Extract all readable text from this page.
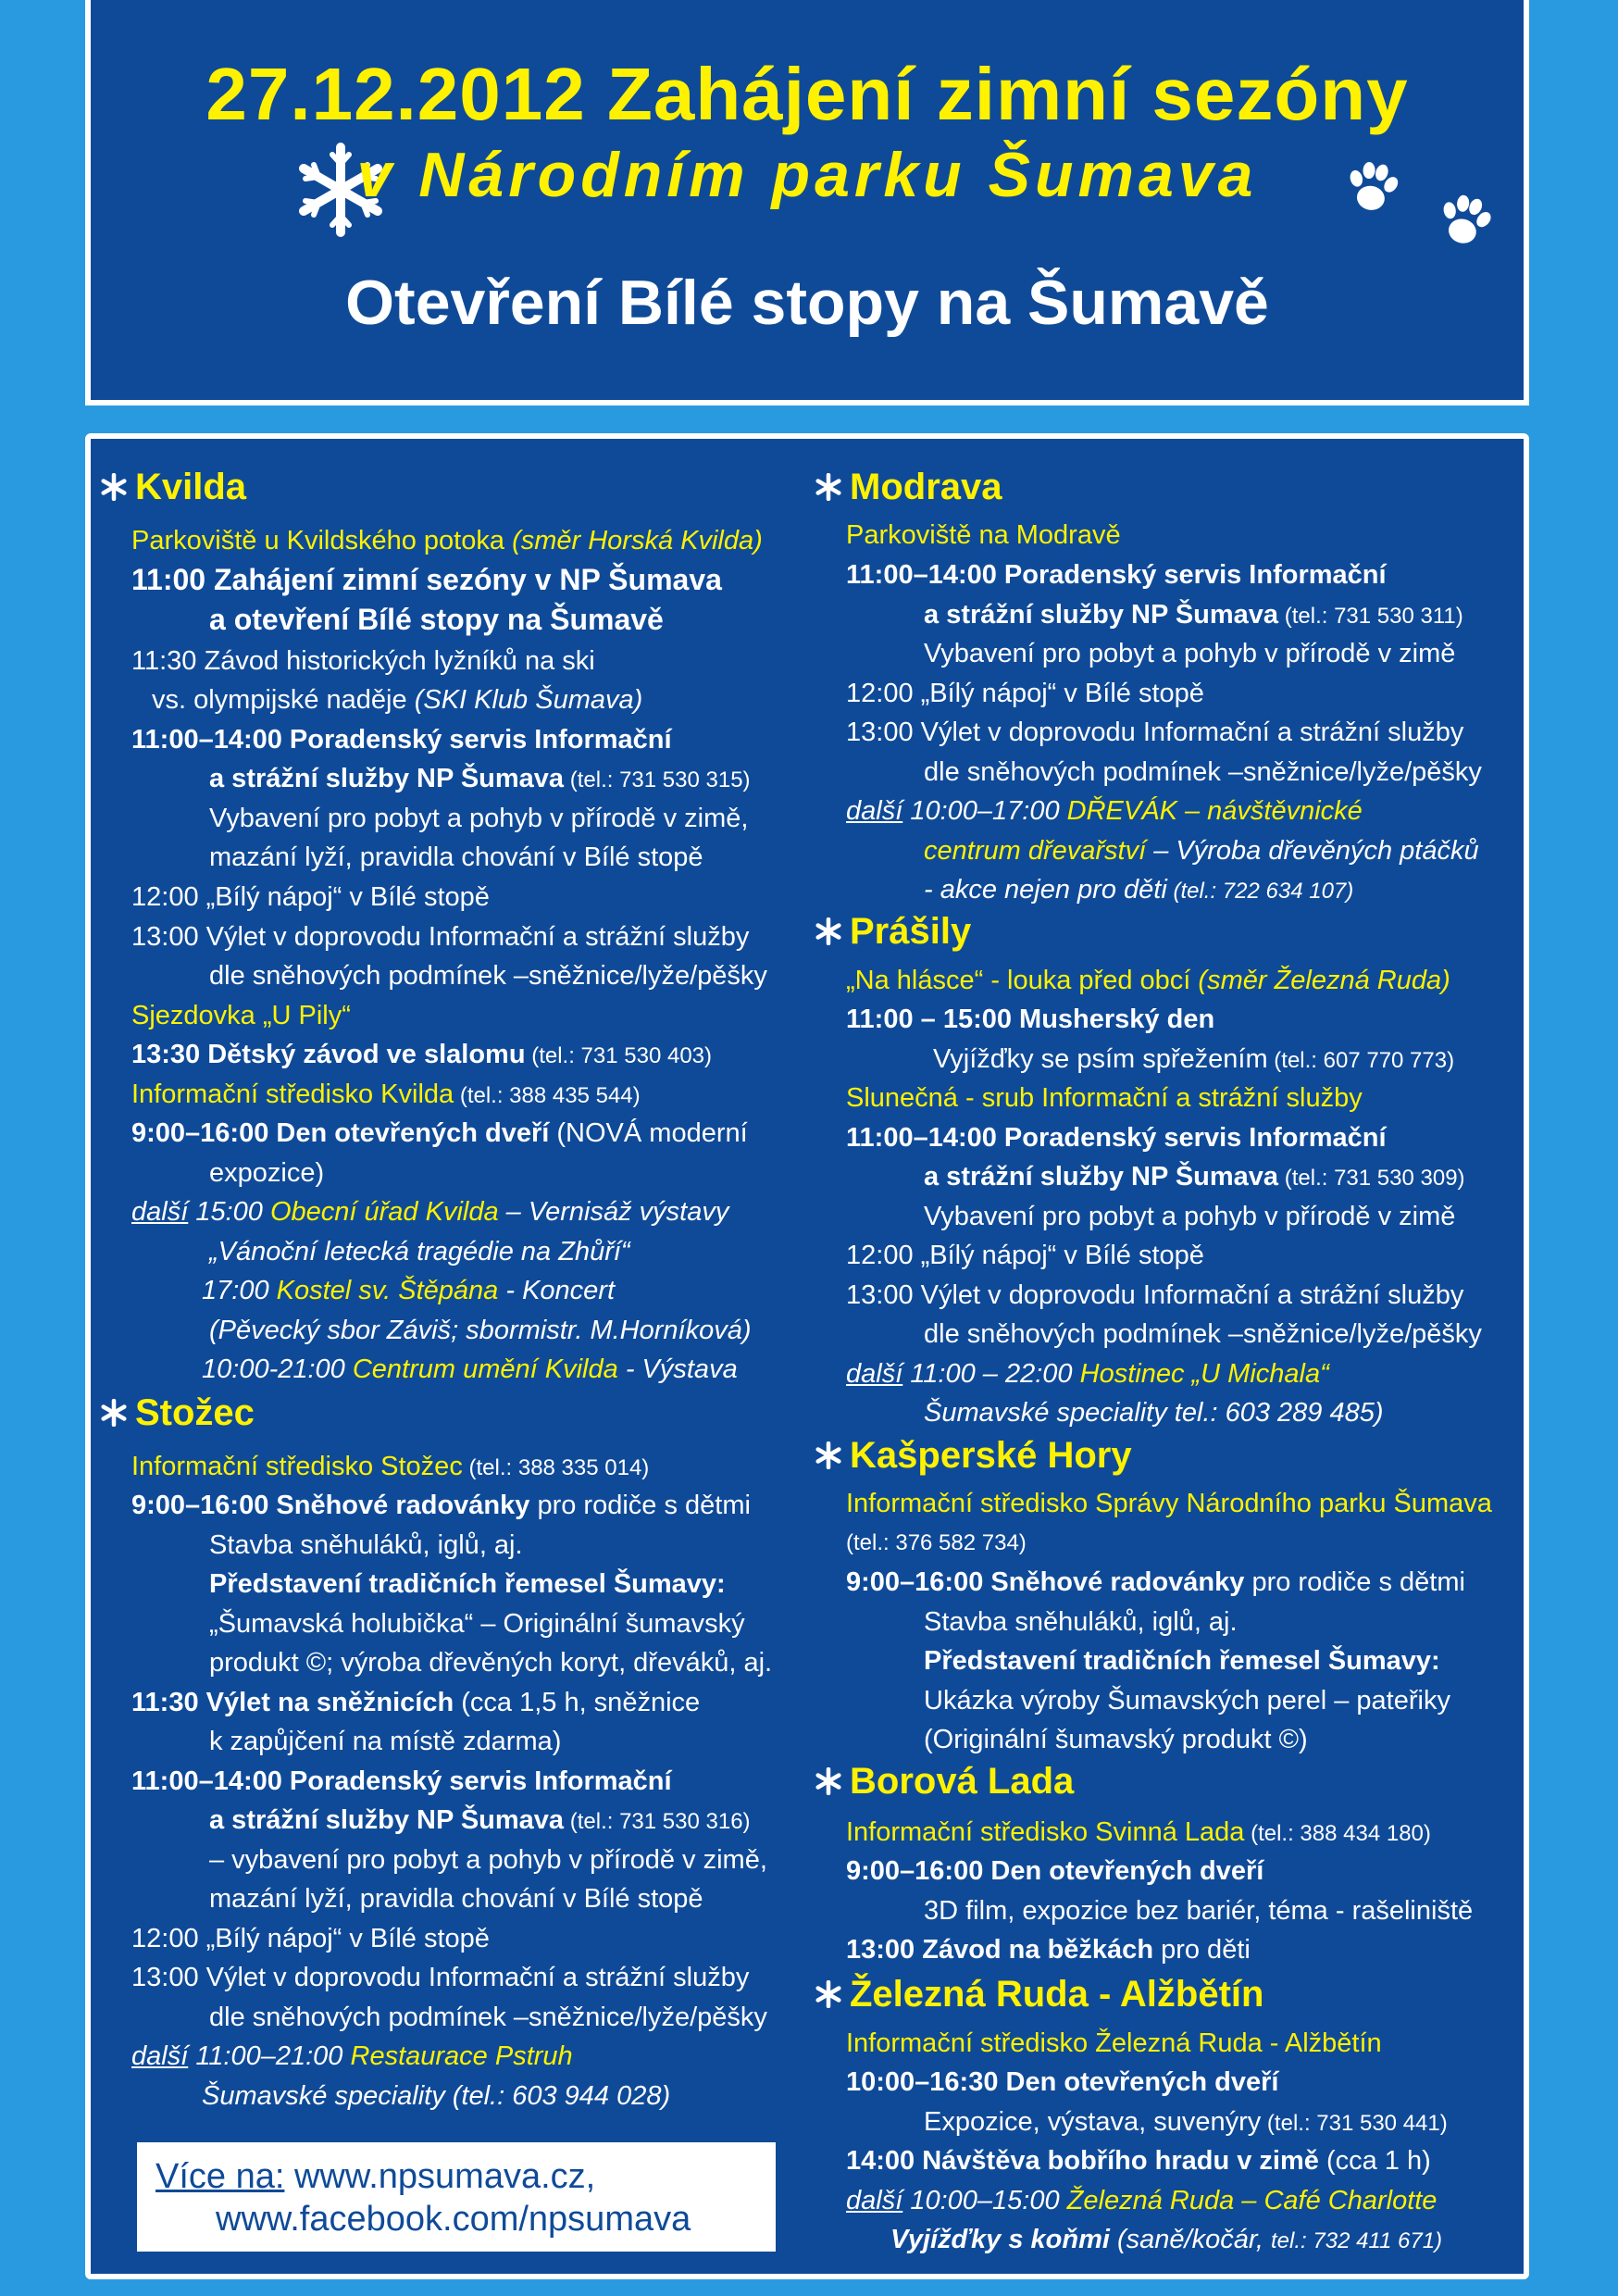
27.12.2012 Zahájení zimní sezóny
v Národním parku Šumava
Otevření Bílé stopy na Šumavě
Kvilda
Parkoviště u Kvildského potoka (směr Horská Kvilda)
11:00 Zahájení zimní sezóny v NP Šumava
a otevření Bílé stopy na Šumavě
11:30 Závod historických lyžníků na ski
vs. olympijské naděje (SKI Klub Šumava)
11:00–14:00 Poradenský servis Informační
a strážní služby NP Šumava (tel.: 731 530 315)
Vybavení pro pobyt a pohyb v přírodě v zimě,
mazání lyží, pravidla chování v Bílé stopě
12:00 „Bílý nápoj“ v Bílé stopě
13:00 Výlet v doprovodu Informační a strážní služby
dle sněhových podmínek –sněžnice/lyže/pěšky
Sjezdovka „U Pily“
13:30 Dětský závod ve slalomu (tel.: 731 530 403)
Informační středisko Kvilda (tel.: 388 435 544)
9:00–16:00 Den otevřených dveří (NOVÁ moderní
expozice)
další 15:00 Obecní úřad Kvilda – Vernisáž výstavy
„Vánoční letecká tragédie na Zhůří“
17:00 Kostel sv. Štěpána - Koncert
(Pěvecký sbor Záviš; sbormistr. M.Horníková)
10:00-21:00 Centrum umění Kvilda - Výstava
Stožec
Informační středisko Stožec (tel.: 388 335 014)
9:00–16:00 Sněhové radovánky pro rodiče s dětmi
Stavba sněhuláků, iglů, aj.
Představení tradičních řemesel Šumavy:
„Šumavská holubička“ – Originální šumavský
produkt ©; výroba dřevěných koryt, dřeváků, aj.
11:30 Výlet na sněžnicích (cca 1,5 h, sněžnice
k zapůjčení na místě zdarma)
11:00–14:00 Poradenský servis Informační
a strážní služby NP Šumava (tel.: 731 530 316)
– vybavení pro pobyt a pohyb v přírodě v zimě,
mazání lyží, pravidla chování v Bílé stopě
12:00 „Bílý nápoj“ v Bílé stopě
13:00 Výlet v doprovodu Informační a strážní služby
dle sněhových podmínek –sněžnice/lyže/pěšky
další 11:00–21:00 Restaurace Pstruh
Šumavské speciality (tel.: 603 944 028)
Více na: www.npsumava.cz,
www.facebook.com/npsumava
Modrava
Parkoviště na Modravě
11:00–14:00 Poradenský servis Informační
a strážní služby NP Šumava (tel.: 731 530 311)
Vybavení pro pobyt a pohyb v přírodě v zimě
12:00 „Bílý nápoj“ v Bílé stopě
13:00 Výlet v doprovodu Informační a strážní služby
dle sněhových podmínek –sněžnice/lyže/pěšky
další 10:00–17:00 DŘEVÁK – návštěvnické
centrum dřevařství – Výroba dřevěných ptáčků
- akce nejen pro děti (tel.: 722 634 107)
Prášily
„Na hlásce“ - louka před obcí (směr Železná Ruda)
11:00 – 15:00 Musherský den
Vyjížďky se psím spřežením (tel.: 607 770 773)
Slunečná - srub Informační a strážní služby
11:00–14:00 Poradenský servis Informační
a strážní služby NP Šumava (tel.: 731 530 309)
Vybavení pro pobyt a pohyb v přírodě v zimě
12:00 „Bílý nápoj“ v Bílé stopě
13:00 Výlet v doprovodu Informační a strážní služby
dle sněhových podmínek –sněžnice/lyže/pěšky
další 11:00 – 22:00 Hostinec „U Michala“
Šumavské speciality tel.: 603 289 485)
Kašperské Hory
Informační středisko Správy Národního parku Šumava
(tel.: 376 582 734)
9:00–16:00 Sněhové radovánky pro rodiče s dětmi
Stavba sněhuláků, iglů, aj.
Představení tradičních řemesel Šumavy:
Ukázka výroby Šumavských perel – pateřiky
(Originální šumavský produkt ©)
Borová Lada
Informační středisko Svinná Lada (tel.: 388 434 180)
9:00–16:00 Den otevřených dveří
3D film, expozice bez bariér, téma - rašeliniště
13:00 Závod na běžkách pro děti
Železná Ruda - Alžbětín
Informační středisko Železná Ruda - Alžbětín
10:00–16:30 Den otevřených dveří
Expozice, výstava, suvenýry (tel.: 731 530 441)
14:00 Návštěva bobřího hradu v zimě (cca 1 h)
další 10:00–15:00 Železná Ruda – Café Charlotte
Vyjížďky s koňmi (saně/kočár, tel.: 732 411 671)
